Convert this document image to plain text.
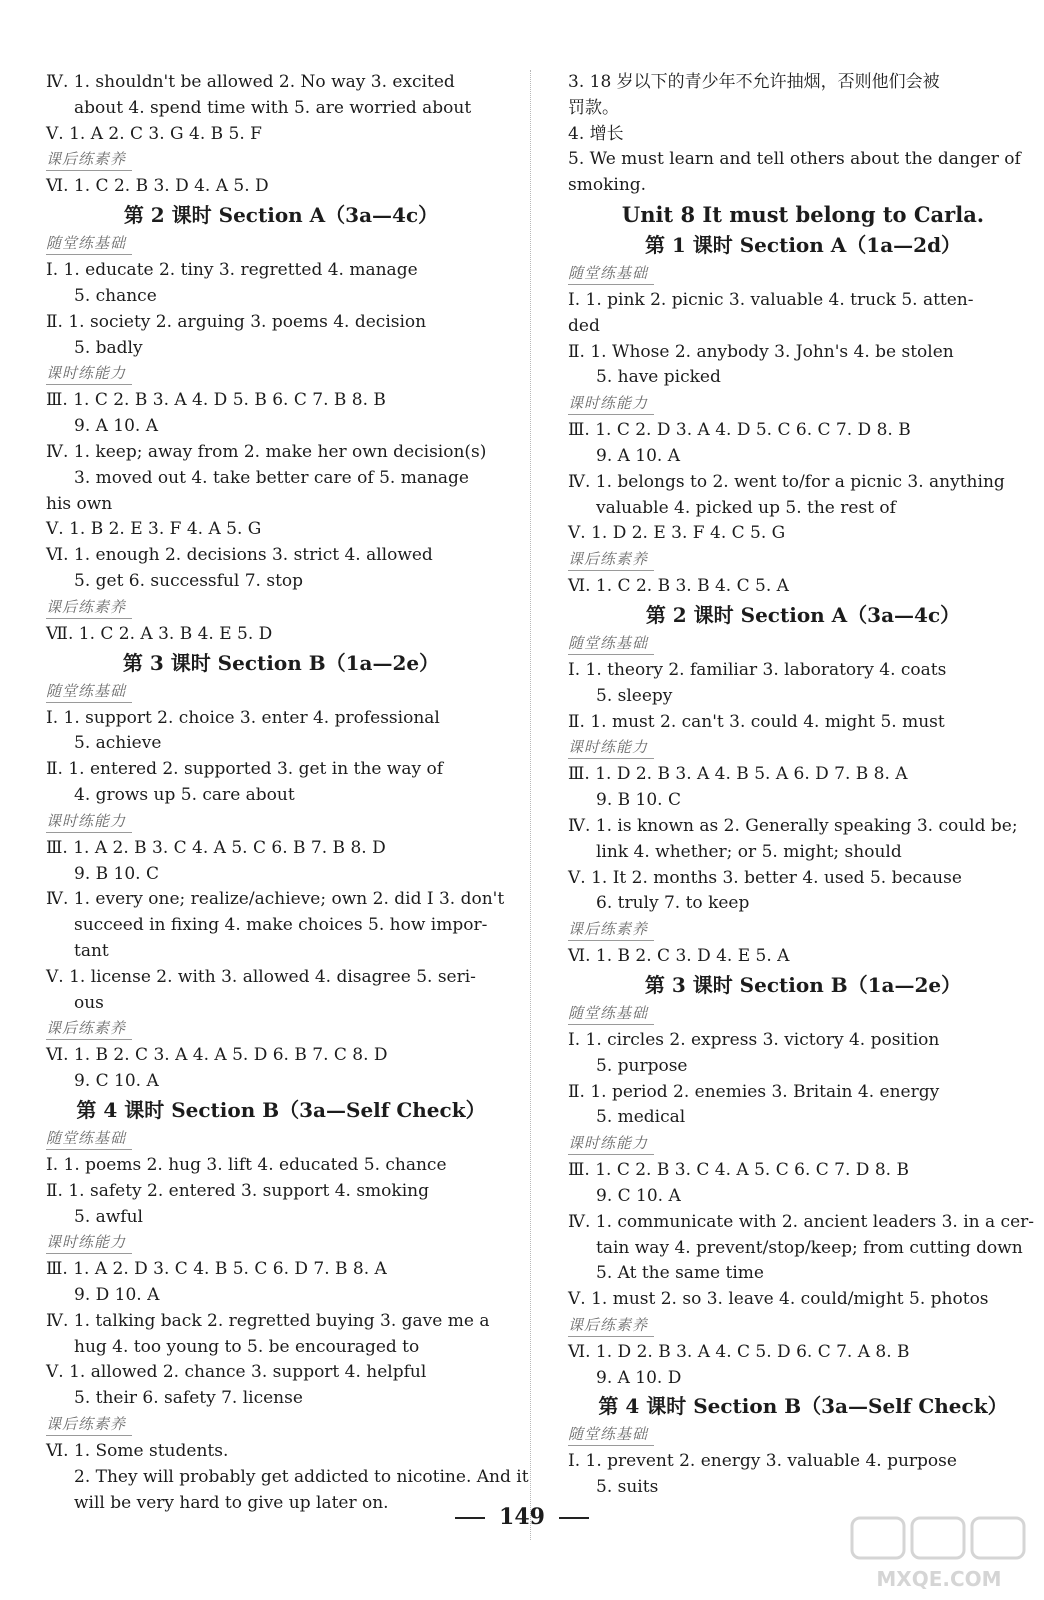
Ⅳ. 1. shouldn't be allowed 2. No way 3. excited
about 4. spend time with 5. are worried about
Ⅴ. 1. A 2. C 3. G 4. B 5. F
课后练素养
Ⅵ. 1. C 2. B 3. D 4. A 5. D
第 2 课时 Section A（3a—4c）
随堂练基础
Ⅰ. 1. educate 2. tiny 3. regretted 4. manage
5. chance
Ⅱ. 1. society 2. arguing 3. poems 4. decision
5. badly
课时练能力
Ⅲ. 1. C 2. B 3. A 4. D 5. B 6. C 7. B 8. B
9. A 10. A
Ⅳ. 1. keep; away from 2. make her own decision(s)
3. moved out 4. take better care of 5. manage
his own
Ⅴ. 1. B 2. E 3. F 4. A 5. G
Ⅵ. 1. enough 2. decisions 3. strict 4. allowed
5. get 6. successful 7. stop
课后练素养
Ⅶ. 1. C 2. A 3. B 4. E 5. D
第 3 课时 Section B（1a—2e）
随堂练基础
Ⅰ. 1. support 2. choice 3. enter 4. professional
5. achieve
Ⅱ. 1. entered 2. supported 3. get in the way of
4. grows up 5. care about
课时练能力
Ⅲ. 1. A 2. B 3. C 4. A 5. C 6. B 7. B 8. D
9. B 10. C
Ⅳ. 1. every one; realize/achieve; own 2. did I 3. don't
succeed in fixing 4. make choices 5. how impor-
tant
Ⅴ. 1. license 2. with 3. allowed 4. disagree 5. seri-
ous
课后练素养
Ⅵ. 1. B 2. C 3. A 4. A 5. D 6. B 7. C 8. D
9. C 10. A
第 4 课时 Section B（3a—Self Check）
随堂练基础
Ⅰ. 1. poems 2. hug 3. lift 4. educated 5. chance
Ⅱ. 1. safety 2. entered 3. support 4. smoking
5. awful
课时练能力
Ⅲ. 1. A 2. D 3. C 4. B 5. C 6. D 7. B 8. A
9. D 10. A
Ⅳ. 1. talking back 2. regretted buying 3. gave me a
hug 4. too young to 5. be encouraged to
Ⅴ. 1. allowed 2. chance 3. support 4. helpful
5. their 6. safety 7. license
课后练素养
Ⅵ. 1. Some students.
2. They will probably get addicted to nicotine. And it
will be very hard to give up later on.
3. 18 岁以下的青少年不允许抽烟，否则他们会被
罚款。
4. 增长
5. We must learn and tell others about the danger of
smoking.
Unit 8 It must belong to Carla.
第 1 课时 Section A（1a—2d）
随堂练基础
Ⅰ. 1. pink 2. picnic 3. valuable 4. truck 5. atten-
ded
Ⅱ. 1. Whose 2. anybody 3. John's 4. be stolen
5. have picked
课时练能力
Ⅲ. 1. C 2. D 3. A 4. D 5. C 6. C 7. D 8. B
9. A 10. A
Ⅳ. 1. belongs to 2. went to/for a picnic 3. anything
valuable 4. picked up 5. the rest of
Ⅴ. 1. D 2. E 3. F 4. C 5. G
课后练素养
Ⅵ. 1. C 2. B 3. B 4. C 5. A
第 2 课时 Section A（3a—4c）
随堂练基础
Ⅰ. 1. theory 2. familiar 3. laboratory 4. coats
5. sleepy
Ⅱ. 1. must 2. can't 3. could 4. might 5. must
课时练能力
Ⅲ. 1. D 2. B 3. A 4. B 5. A 6. D 7. B 8. A
9. B 10. C
Ⅳ. 1. is known as 2. Generally speaking 3. could be;
link 4. whether; or 5. might; should
Ⅴ. 1. It 2. months 3. better 4. used 5. because
6. truly 7. to keep
课后练素养
Ⅵ. 1. B 2. C 3. D 4. E 5. A
第 3 课时 Section B（1a—2e）
随堂练基础
Ⅰ. 1. circles 2. express 3. victory 4. position
5. purpose
Ⅱ. 1. period 2. enemies 3. Britain 4. energy
5. medical
课时练能力
Ⅲ. 1. C 2. B 3. C 4. A 5. C 6. C 7. D 8. B
9. C 10. A
Ⅳ. 1. communicate with 2. ancient leaders 3. in a cer-
tain way 4. prevent/stop/keep; from cutting down
5. At the same time
Ⅴ. 1. must 2. so 3. leave 4. could/might 5. photos
课后练素养
Ⅵ. 1. D 2. B 3. A 4. C 5. D 6. C 7. A 8. B
9. A 10. D
第 4 课时 Section B（3a—Self Check）
随堂练基础
Ⅰ. 1. prevent 2. energy 3. valuable 4. purpose
5. suits
149
MXQE.COM
